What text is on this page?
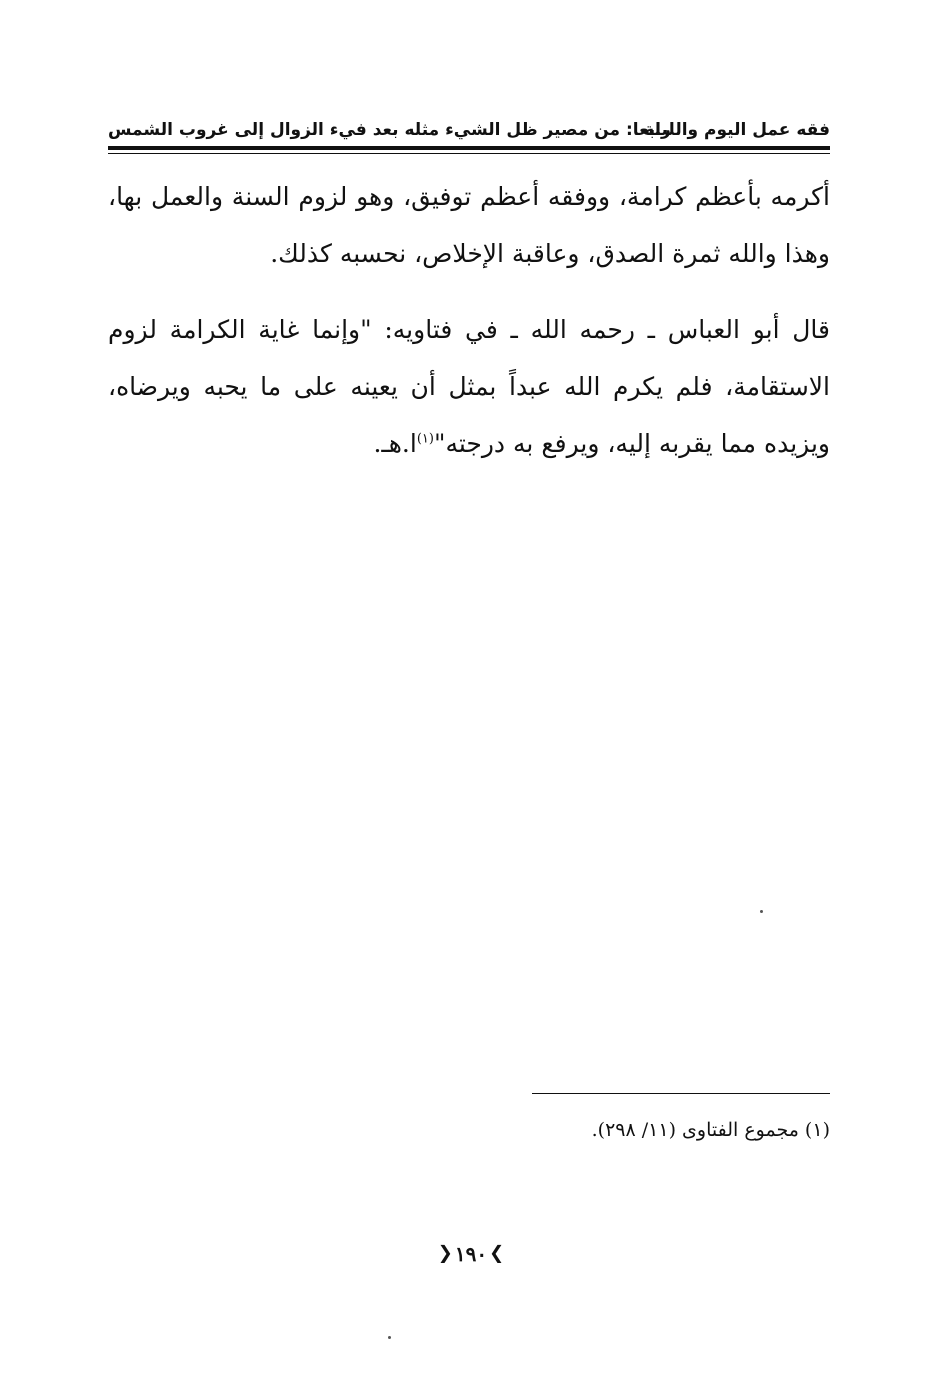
فقه عمل اليوم والليلة
رابعا: من مصير ظل الشيء مثله بعد فيء الزوال إلى غروب الشمس

أكرمه بأعظم كرامة، ووفقه أعظم توفيق، وهو لزوم السنة والعمل بها، وهذا والله ثمرة الصدق، وعاقبة الإخلاص، نحسبه كذلك.

قال أبو العباس ـ رحمه الله ـ في فتاويه: "وإنما غاية الكرامة لزوم الاستقامة، فلم يكرم الله عبداً بمثل أن يعينه على ما يحبه ويرضاه، ويزيده مما يقربه إليه، ويرفع به درجته"$^{(١)}$ا.هـ.

(١) مجموع الفتاوى (١١/ ٢٩٨).
❯١٩٠❮
